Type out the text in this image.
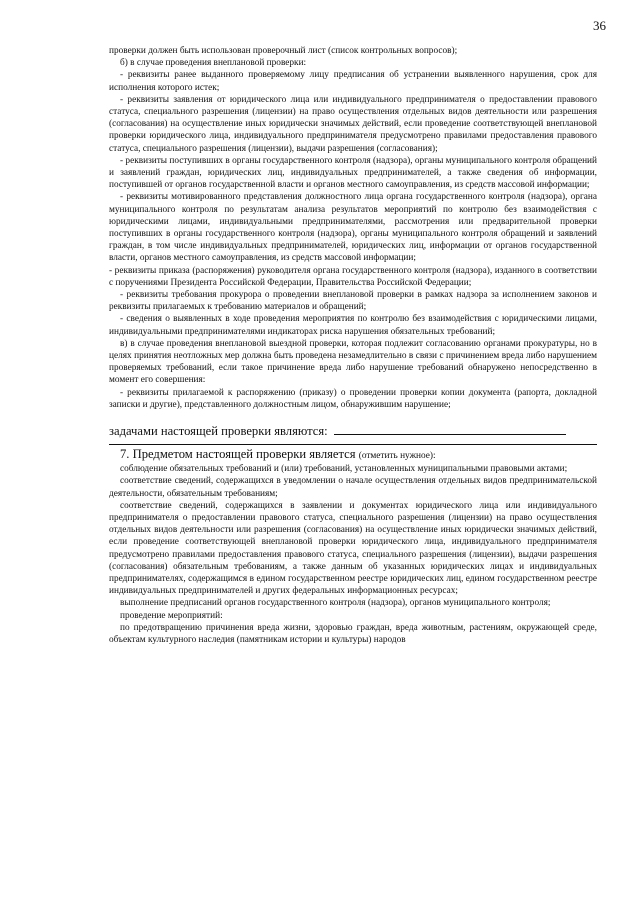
36

проверки должен быть использован проверочный лист (список контрольных вопросов);

б) в случае проведения внеплановой проверки:

- реквизиты ранее выданного проверяемому лицу предписания об устранении выявленного нарушения, срок для исполнения которого истек;

- реквизиты заявления от юридического лица или индивидуального предпринимателя о предоставлении правового статуса, специального разрешения (лицензии) на право осуществления отдельных видов деятельности или разрешения (согласования) на осуществление иных юридически значимых действий, если проведение соответствующей внеплановой проверки юридического лица, индивидуального предпринимателя предусмотрено правилами предоставления правового статуса, специального разрешения (лицензии), выдачи разрешения (согласования);

- реквизиты поступивших в органы государственного контроля (надзора), органы муниципального контроля обращений и заявлений граждан, юридических лиц, индивидуальных предпринимателей, а также сведения об информации, поступившей от органов государственной власти и органов местного самоуправления, из средств массовой информации;

- реквизиты мотивированного представления должностного лица органа государственного контроля (надзора), органа муниципального контроля по результатам анализа результатов мероприятий по контролю без взаимодействия с юридическими лицами, индивидуальными предпринимателями, рассмотрения или предварительной проверки поступивших в органы государственного контроля (надзора), органы муниципального контроля обращений и заявлений граждан, в том числе индивидуальных предпринимателей, юридических лиц, информации от органов государственной власти, органов местного самоуправления, из средств массовой информации;

- реквизиты приказа (распоряжения) руководителя органа государственного контроля (надзора), изданного в соответствии с поручениями Президента Российской Федерации, Правительства Российской Федерации;

- реквизиты требования прокурора о проведении внеплановой проверки в рамках надзора за исполнением законов и реквизиты прилагаемых к требованию материалов и обращений;

- сведения о выявленных в ходе проведения мероприятия по контролю без взаимодействия с юридическими лицами, индивидуальными предпринимателями индикаторах риска нарушения обязательных требований;

в) в случае проведения внеплановой выездной проверки, которая подлежит согласованию органами прокуратуры, но в целях принятия неотложных мер должна быть проведена незамедлительно в связи с причинением вреда либо нарушением проверяемых требований, если такое причинение вреда либо нарушение требований обнаружено непосредственно в момент его совершения:

- реквизиты прилагаемой к распоряжению (приказу) о проведении проверки копии документа (рапорта, докладной записки и другие), представленного должностным лицом, обнаружившим нарушение;

задачами настоящей проверки являются:

7. Предметом настоящей проверки является (отметить нужное):

соблюдение обязательных требований и (или) требований, установленных муниципальными правовыми актами;

соответствие сведений, содержащихся в уведомлении о начале осуществления отдельных видов предпринимательской деятельности, обязательным требованиям;

соответствие сведений, содержащихся в заявлении и документах юридического лица или индивидуального предпринимателя о предоставлении правового статуса, специального разрешения (лицензии) на право осуществления отдельных видов деятельности или разрешения (согласования) на осуществление иных юридически значимых действий, если проведение соответствующей внеплановой проверки юридического лица, индивидуального предпринимателя предусмотрено правилами предоставления правового статуса, специального разрешения (лицензии), выдачи разрешения (согласования) обязательным требованиям, а также данным об указанных юридических лицах и индивидуальных предпринимателях, содержащимся в едином государственном реестре юридических лиц, едином государственном реестре индивидуальных предпринимателей и других федеральных информационных ресурсах;

выполнение предписаний органов государственного контроля (надзора), органов муниципального контроля;

проведение мероприятий:

по предотвращению причинения вреда жизни, здоровью граждан, вреда животным, растениям, окружающей среде, объектам культурного наследия (памятникам истории и культуры) народов
